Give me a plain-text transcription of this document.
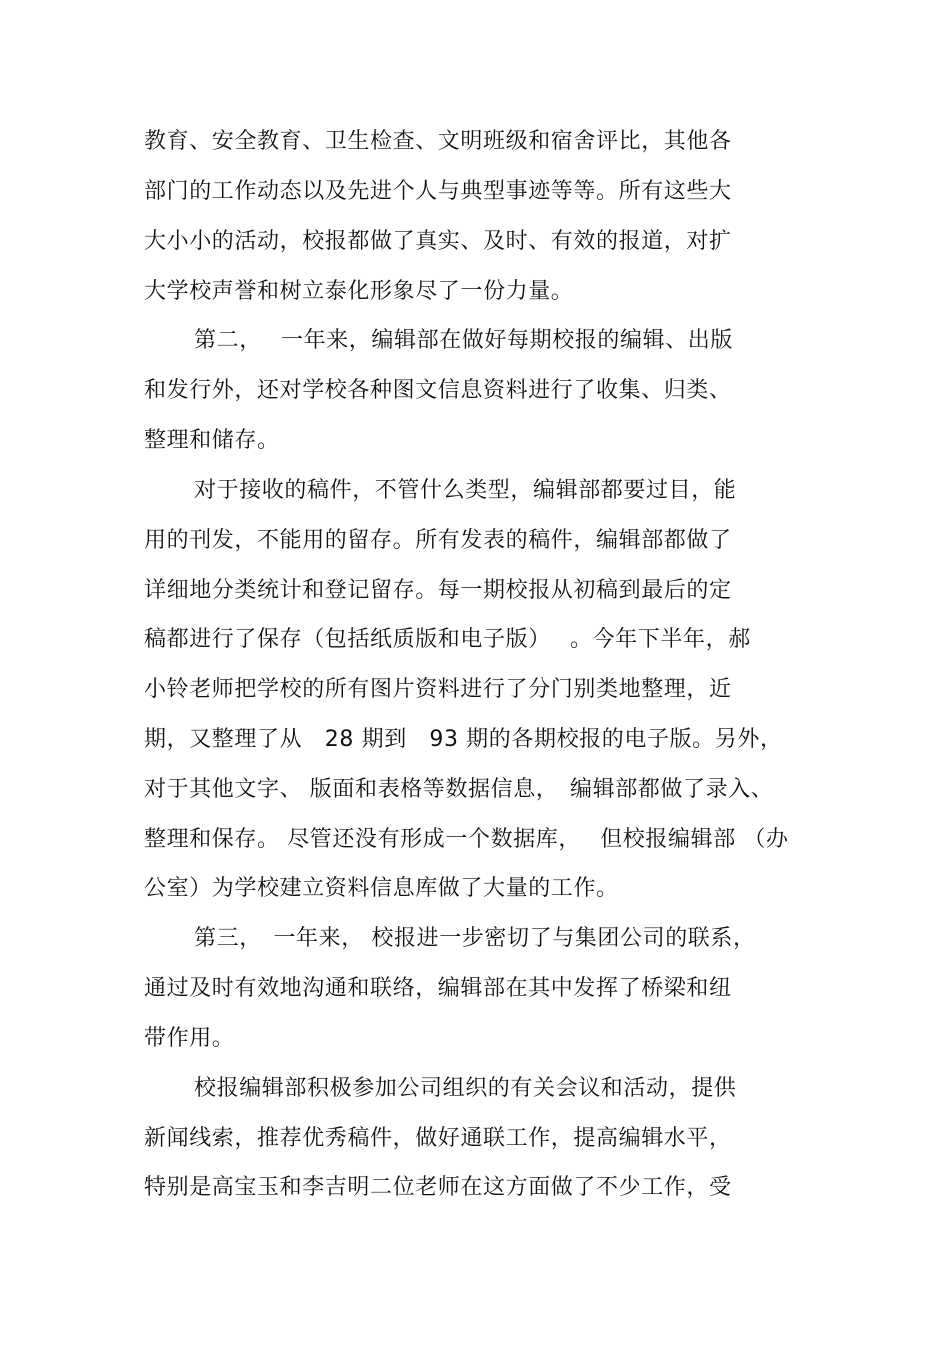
教育、安全教育、卫生检查、文明班级和宿舍评比，其他各
部门的工作动态以及先进个人与典型事迹等等。所有这些大
大小小的活动，校报都做了真实、及时、有效的报道，对扩
大学校声誉和树立泰化形象尽了一份力量。
第二，　 一年来，编辑部在做好每期校报的编辑、出版
和发行外，还对学校各种图文信息资料进行了收集、归类、
整理和储存。
对于接收的稿件，不管什么类型，编辑部都要过目，能
用的刊发，不能用的留存。所有发表的稿件，编辑部都做了
详细地分类统计和登记留存。每一期校报从初稿到最后的定
稿都进行了保存（包括纸质版和电子版）　 。今年下半年，郝
小铃老师把学校的所有图片资料进行了分门别类地整理，近
期，又整理了从　28 期到　93 期的各期校报的电子版。另外，
对于其他文字、 版面和表格等数据信息，　编辑部都做了录入、
整理和保存。 尽管还没有形成一个数据库，　 但校报编辑部 （办
公室）为学校建立资料信息库做了大量的工作。
第三，　一年来， 校报进一步密切了与集团公司的联系，
通过及时有效地沟通和联络，编辑部在其中发挥了桥梁和纽
带作用。
校报编辑部积极参加公司组织的有关会议和活动，提供
新闻线索，推荐优秀稿件，做好通联工作，提高编辑水平，
特别是高宝玉和李吉明二位老师在这方面做了不少工作，受
